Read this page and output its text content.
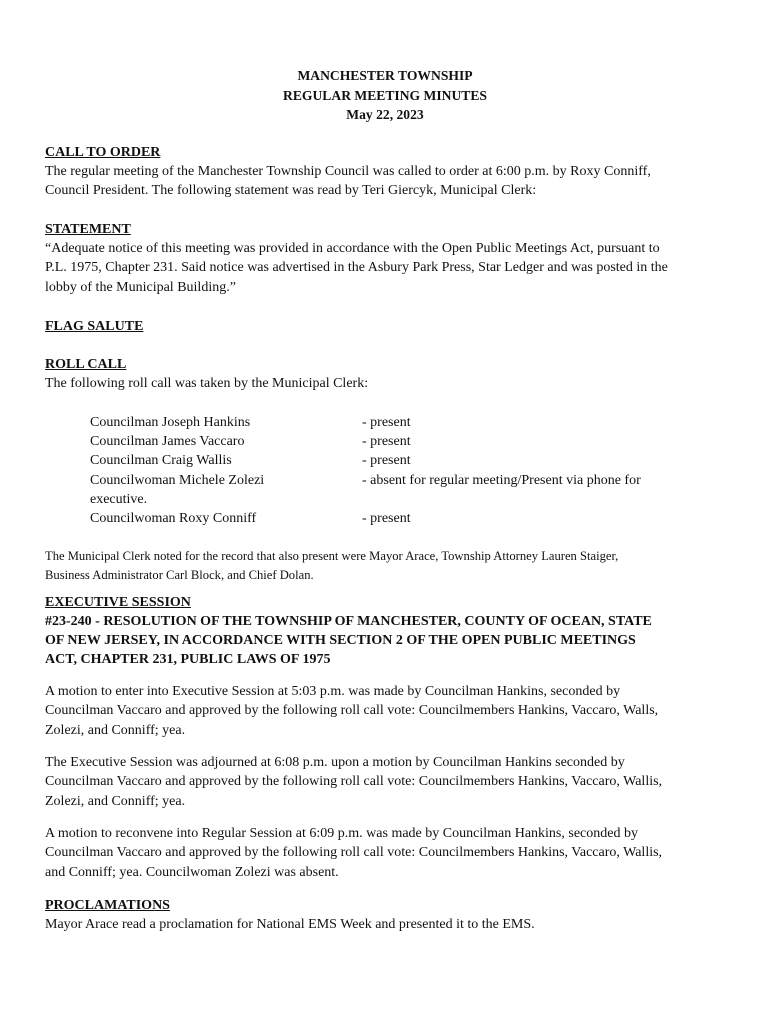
MANCHESTER TOWNSHIP
REGULAR MEETING MINUTES
May 22, 2023
CALL TO ORDER
The regular meeting of the Manchester Township Council was called to order at 6:00 p.m. by Roxy Conniff,
Council President. The following statement was read by Teri Giercyk, Municipal Clerk:
STATEMENT
“Adequate notice of this meeting was provided in accordance with the Open Public Meetings Act, pursuant to
P.L. 1975, Chapter 231. Said notice was advertised in the Asbury Park Press, Star Ledger and was posted in the
lobby of the Municipal Building.”
FLAG SALUTE
ROLL CALL
The following roll call was taken by the Municipal Clerk:
Councilman Joseph Hankins	- present
Councilman James Vaccaro	- present
Councilman Craig Wallis	- present
Councilwoman Michele Zolezi	- absent for regular meeting/Present via phone for
executive.
Councilwoman Roxy Conniff	- present
The Municipal Clerk noted for the record that also present were Mayor Arace, Township Attorney Lauren Staiger,
Business Administrator Carl Block, and Chief Dolan.
EXECUTIVE SESSION
#23-240 - RESOLUTION OF THE TOWNSHIP OF MANCHESTER, COUNTY OF OCEAN, STATE
OF NEW JERSEY, IN ACCORDANCE WITH SECTION 2 OF THE OPEN PUBLIC MEETINGS
ACT, CHAPTER 231, PUBLIC LAWS OF 1975
A motion to enter into Executive Session at 5:03 p.m. was made by Councilman Hankins, seconded by
Councilman Vaccaro and approved by the following roll call vote: Councilmembers Hankins, Vaccaro, Walls,
Zolezi, and Conniff; yea.
The Executive Session was adjourned at 6:08 p.m. upon a motion by Councilman Hankins seconded by
Councilman Vaccaro and approved by the following roll call vote: Councilmembers Hankins, Vaccaro, Wallis,
Zolezi, and Conniff; yea.
A motion to reconvene into Regular Session at 6:09 p.m. was made by Councilman Hankins, seconded by
Councilman Vaccaro and approved by the following roll call vote: Councilmembers Hankins, Vaccaro, Wallis,
and Conniff; yea. Councilwoman Zolezi was absent.
PROCLAMATIONS
Mayor Arace read a proclamation for National EMS Week and presented it to the EMS.
